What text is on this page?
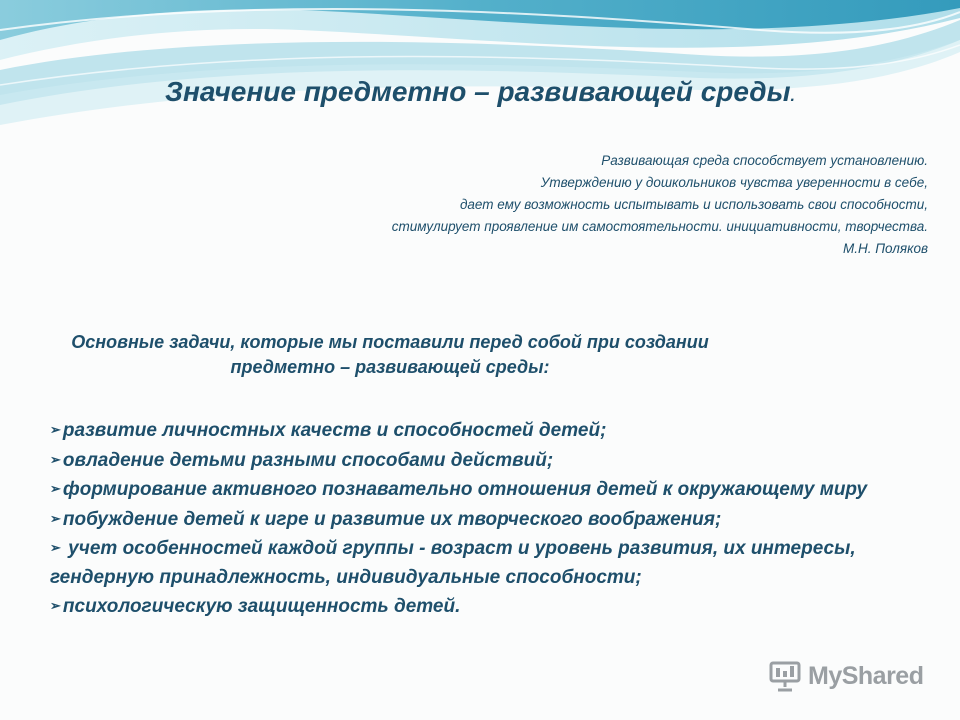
Значение предметно – развивающей среды.
Развивающая среда способствует установлению.
Утверждению у дошкольников чувства уверенности в себе,
дает ему возможность испытывать и использовать свои способности,
стимулирует проявление им самостоятельности. инициативности, творчества.
М.Н. Поляков
Основные задачи, которые мы поставили перед собой при создании
предметно – развивающей среды:
➢ развитие личностных качеств и способностей детей;
➢ овладение детьми разными способами действий;
➢ формирование активного познавательно отношения детей к окружающему миру
➢ побуждение детей к игре и развитие их творческого воображения;
➢ учет особенностей каждой группы - возраст и уровень развития, их интересы, гендерную принадлежность, индивидуальные способности;
➢ психологическую защищенность детей.
MyShared
